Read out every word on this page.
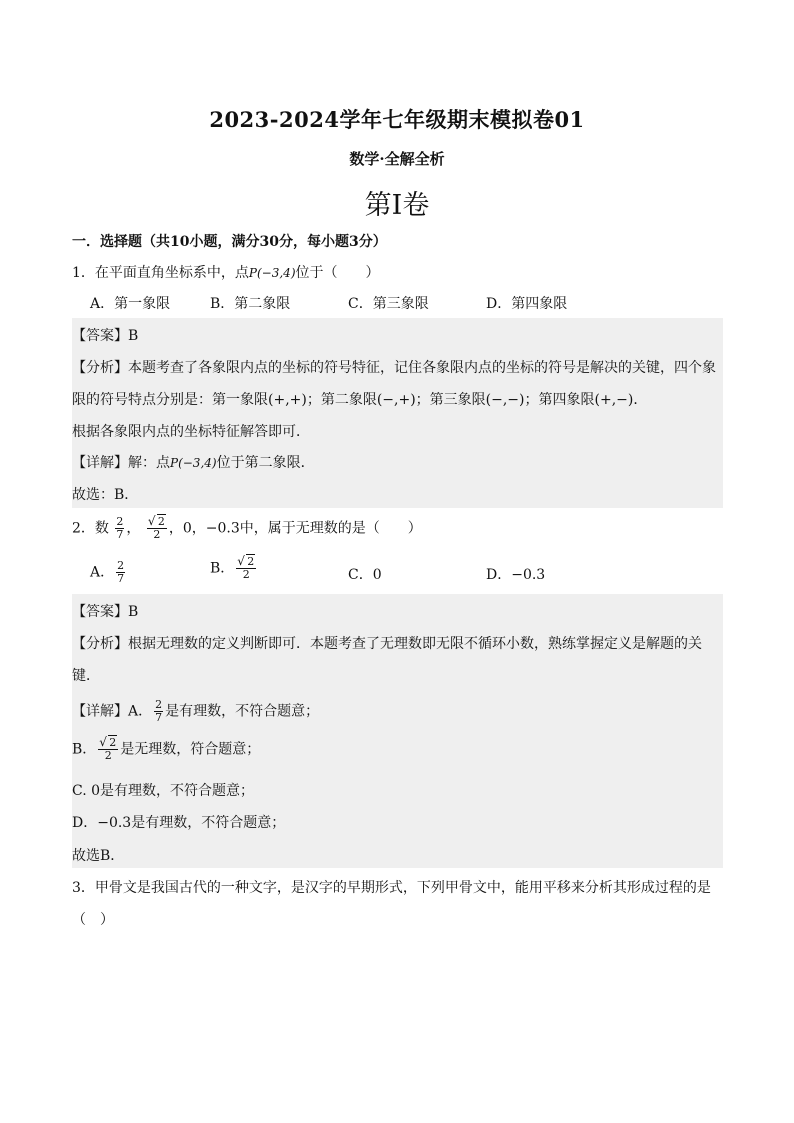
2023-2024学年七年级期末模拟卷01
数学·全解全析
第Ⅰ卷
一．选择题（共10小题，满分30分，每小题3分）
1．在平面直角坐标系中，点P(−3,4)位于（　　）
A．第一象限	B．第二象限	C．第三象限	D．第四象限
【答案】B
【分析】本题考查了各象限内点的坐标的符号特征，记住各象限内点的坐标的符号是解决的关键，四个象
限的符号特点分别是：第一象限(+,+)；第二象限(−,+)；第三象限(−,−)；第四象限(+,−)．
根据各象限内点的坐标特征解答即可．
【详解】解：点P(−3,4)位于第二象限．
故选：B．
2．数 $\frac{2}{7}$ ， $\frac{√ 2}{2}$ ，0，−0.3中，属于无理数的是（　　）
A． $\frac{2}{7}$	B． $\frac{√ 2}{2}$	C．0	D．−0.3
【答案】B
【分析】根据无理数的定义判断即可．本题考查了无理数即无限不循环小数，熟练掌握定义是解题的关
键．
【详解】A． $\frac{2}{7}$ 是有理数，不符合题意；
B． $\frac{√ 2}{2}$ 是无理数，符合题意；
C. 0是有理数，不符合题意；
D．−0.3是有理数，不符合题意；
故选B．
3．甲骨文是我国古代的一种文字，是汉字的早期形式，下列甲骨文中，能用平移来分析其形成过程的是
（　）
